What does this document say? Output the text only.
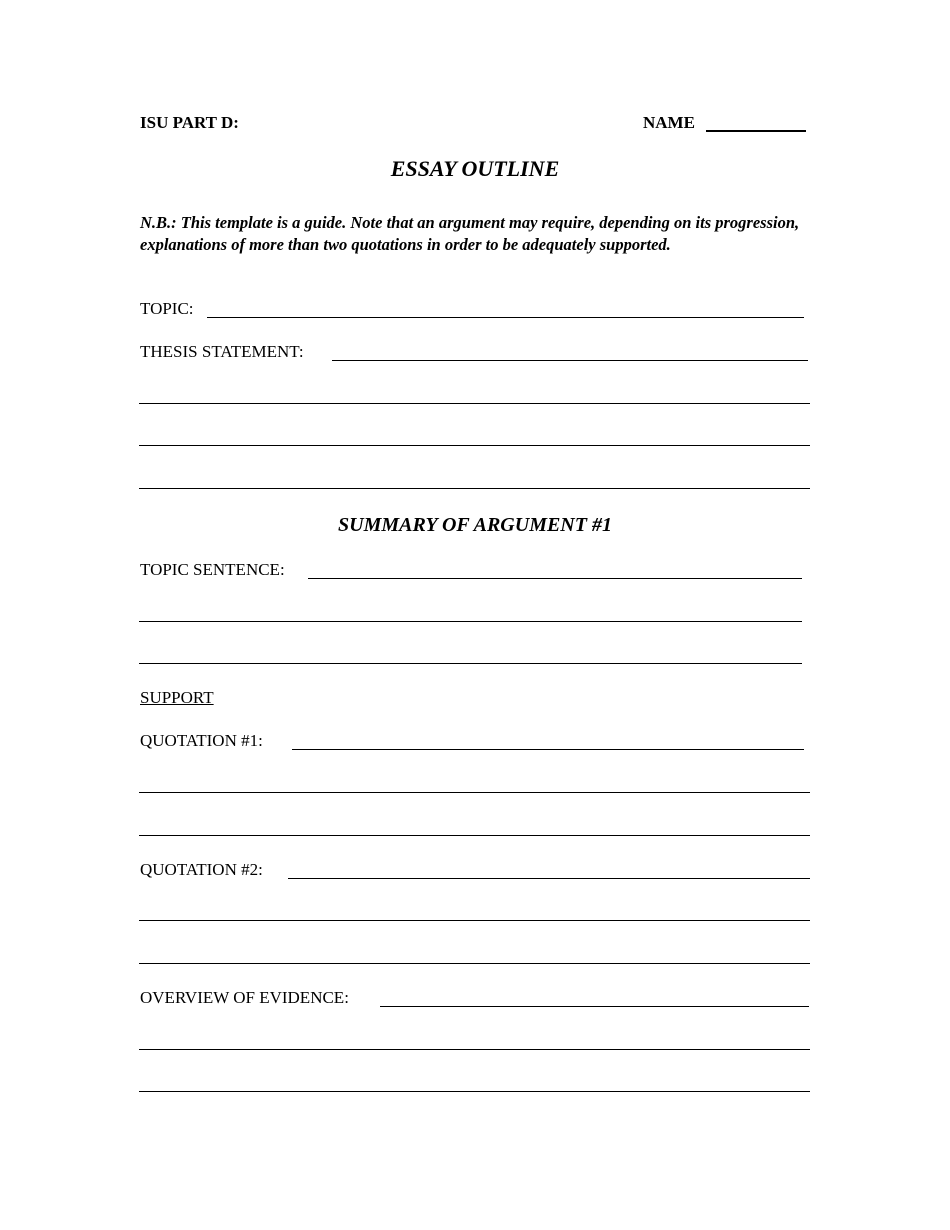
ISU PART D:	NAME
ESSAY OUTLINE
N.B.: This template is a guide. Note that an argument may require, depending on its progression, explanations of more than two quotations in order to be adequately supported.
TOPIC:
THESIS STATEMENT:
SUMMARY OF ARGUMENT #1
TOPIC SENTENCE:
SUPPORT
QUOTATION #1:
QUOTATION #2:
OVERVIEW OF EVIDENCE:
